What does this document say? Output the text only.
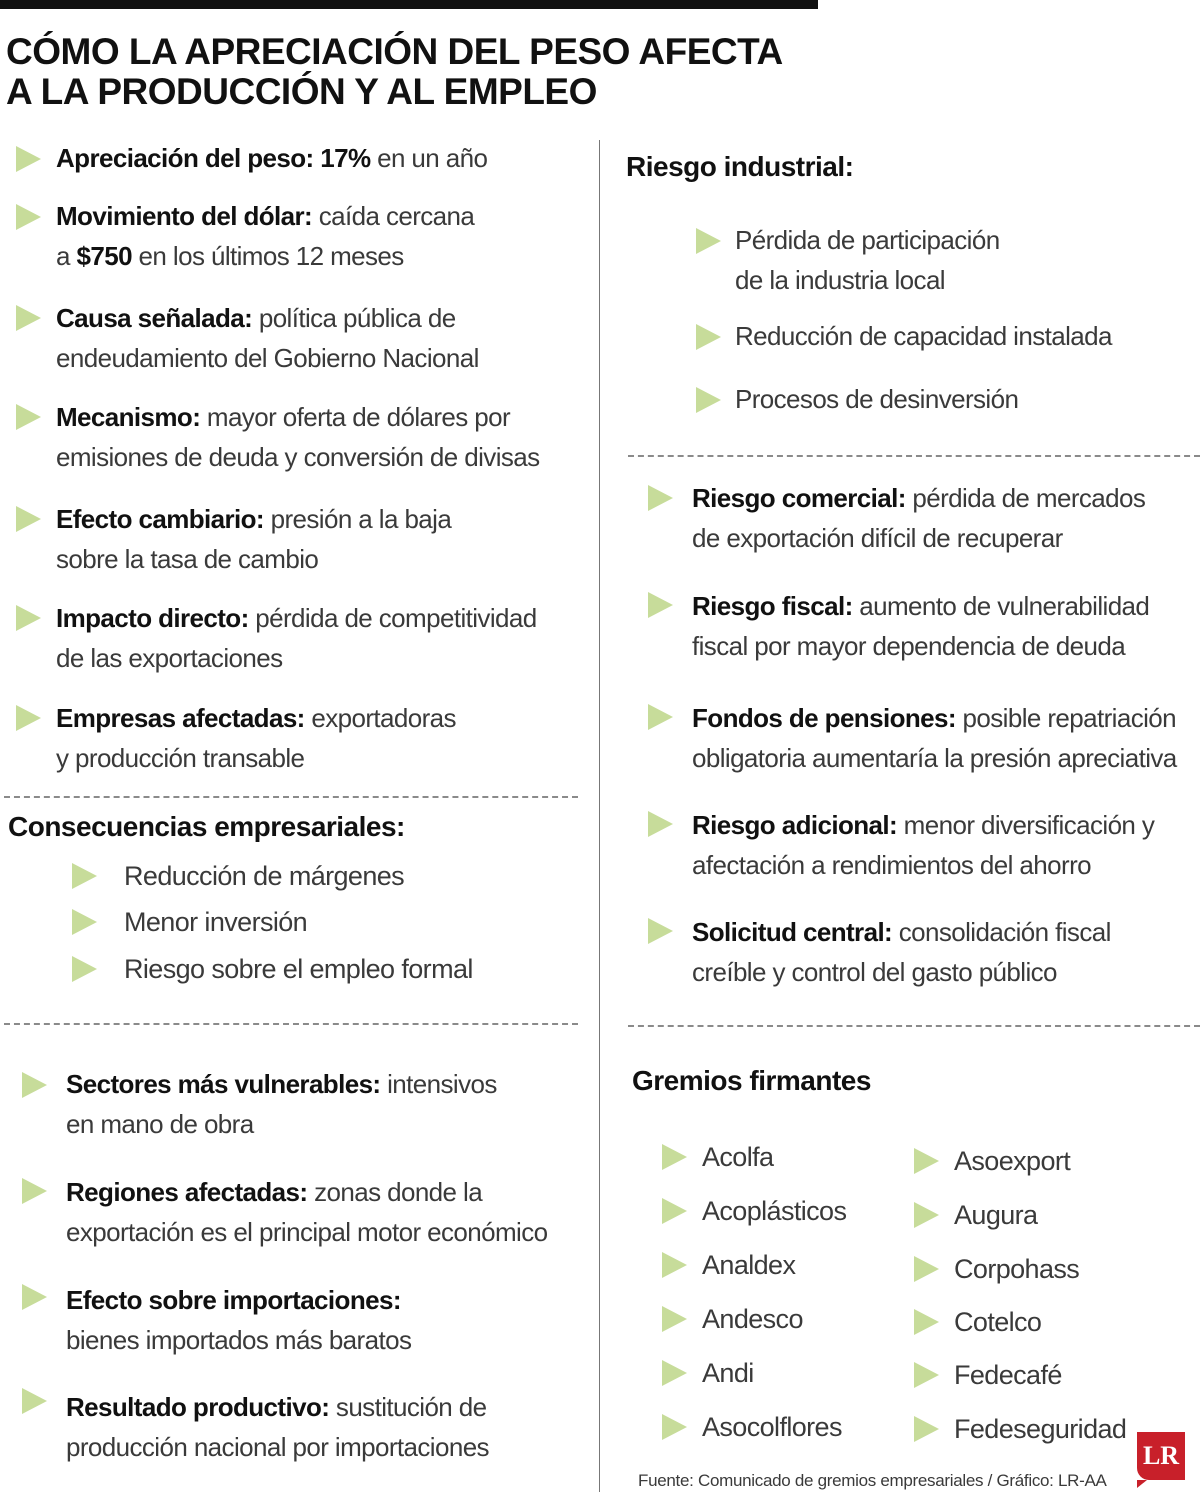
CÓMO LA APRECIACIÓN DEL PESO AFECTA
A LA PRODUCCIÓN Y AL EMPLEO
Apreciación del peso: 17% en un año
Movimiento del dólar: caída cercana
a $750 en los últimos 12 meses
Causa señalada: política pública de
endeudamiento del Gobierno Nacional
Mecanismo: mayor oferta de dólares por
emisiones de deuda y conversión de divisas
Efecto cambiario: presión a la baja
sobre la tasa de cambio
Impacto directo: pérdida de competitividad
de las exportaciones
Empresas afectadas: exportadoras
y producción transable
Consecuencias empresariales:
Reducción de márgenes
Menor inversión
Riesgo sobre el empleo formal
Sectores más vulnerables: intensivos
en mano de obra
Regiones afectadas: zonas donde la
exportación es el principal motor económico
Efecto sobre importaciones:
bienes importados más baratos
Resultado productivo: sustitución de
producción nacional por importaciones
Riesgo industrial:
Pérdida de participación
de la industria local
Reducción de capacidad instalada
Procesos de desinversión
Riesgo comercial: pérdida de mercados
de exportación difícil de recuperar
Riesgo fiscal: aumento de vulnerabilidad
fiscal por mayor dependencia de deuda
Fondos de pensiones: posible repatriación
obligatoria aumentaría la presión apreciativa
Riesgo adicional: menor diversificación y
afectación a rendimientos del ahorro
Solicitud central: consolidación fiscal
creíble y control del gasto público
Gremios firmantes
Acolfa
Acoplásticos
Analdex
Andesco
Andi
Asocolflores
Asoexport
Augura
Corpohass
Cotelco
Fedecafé
Fedeseguridad
Fuente: Comunicado de gremios empresariales / Gráfico: LR-AA
LR
